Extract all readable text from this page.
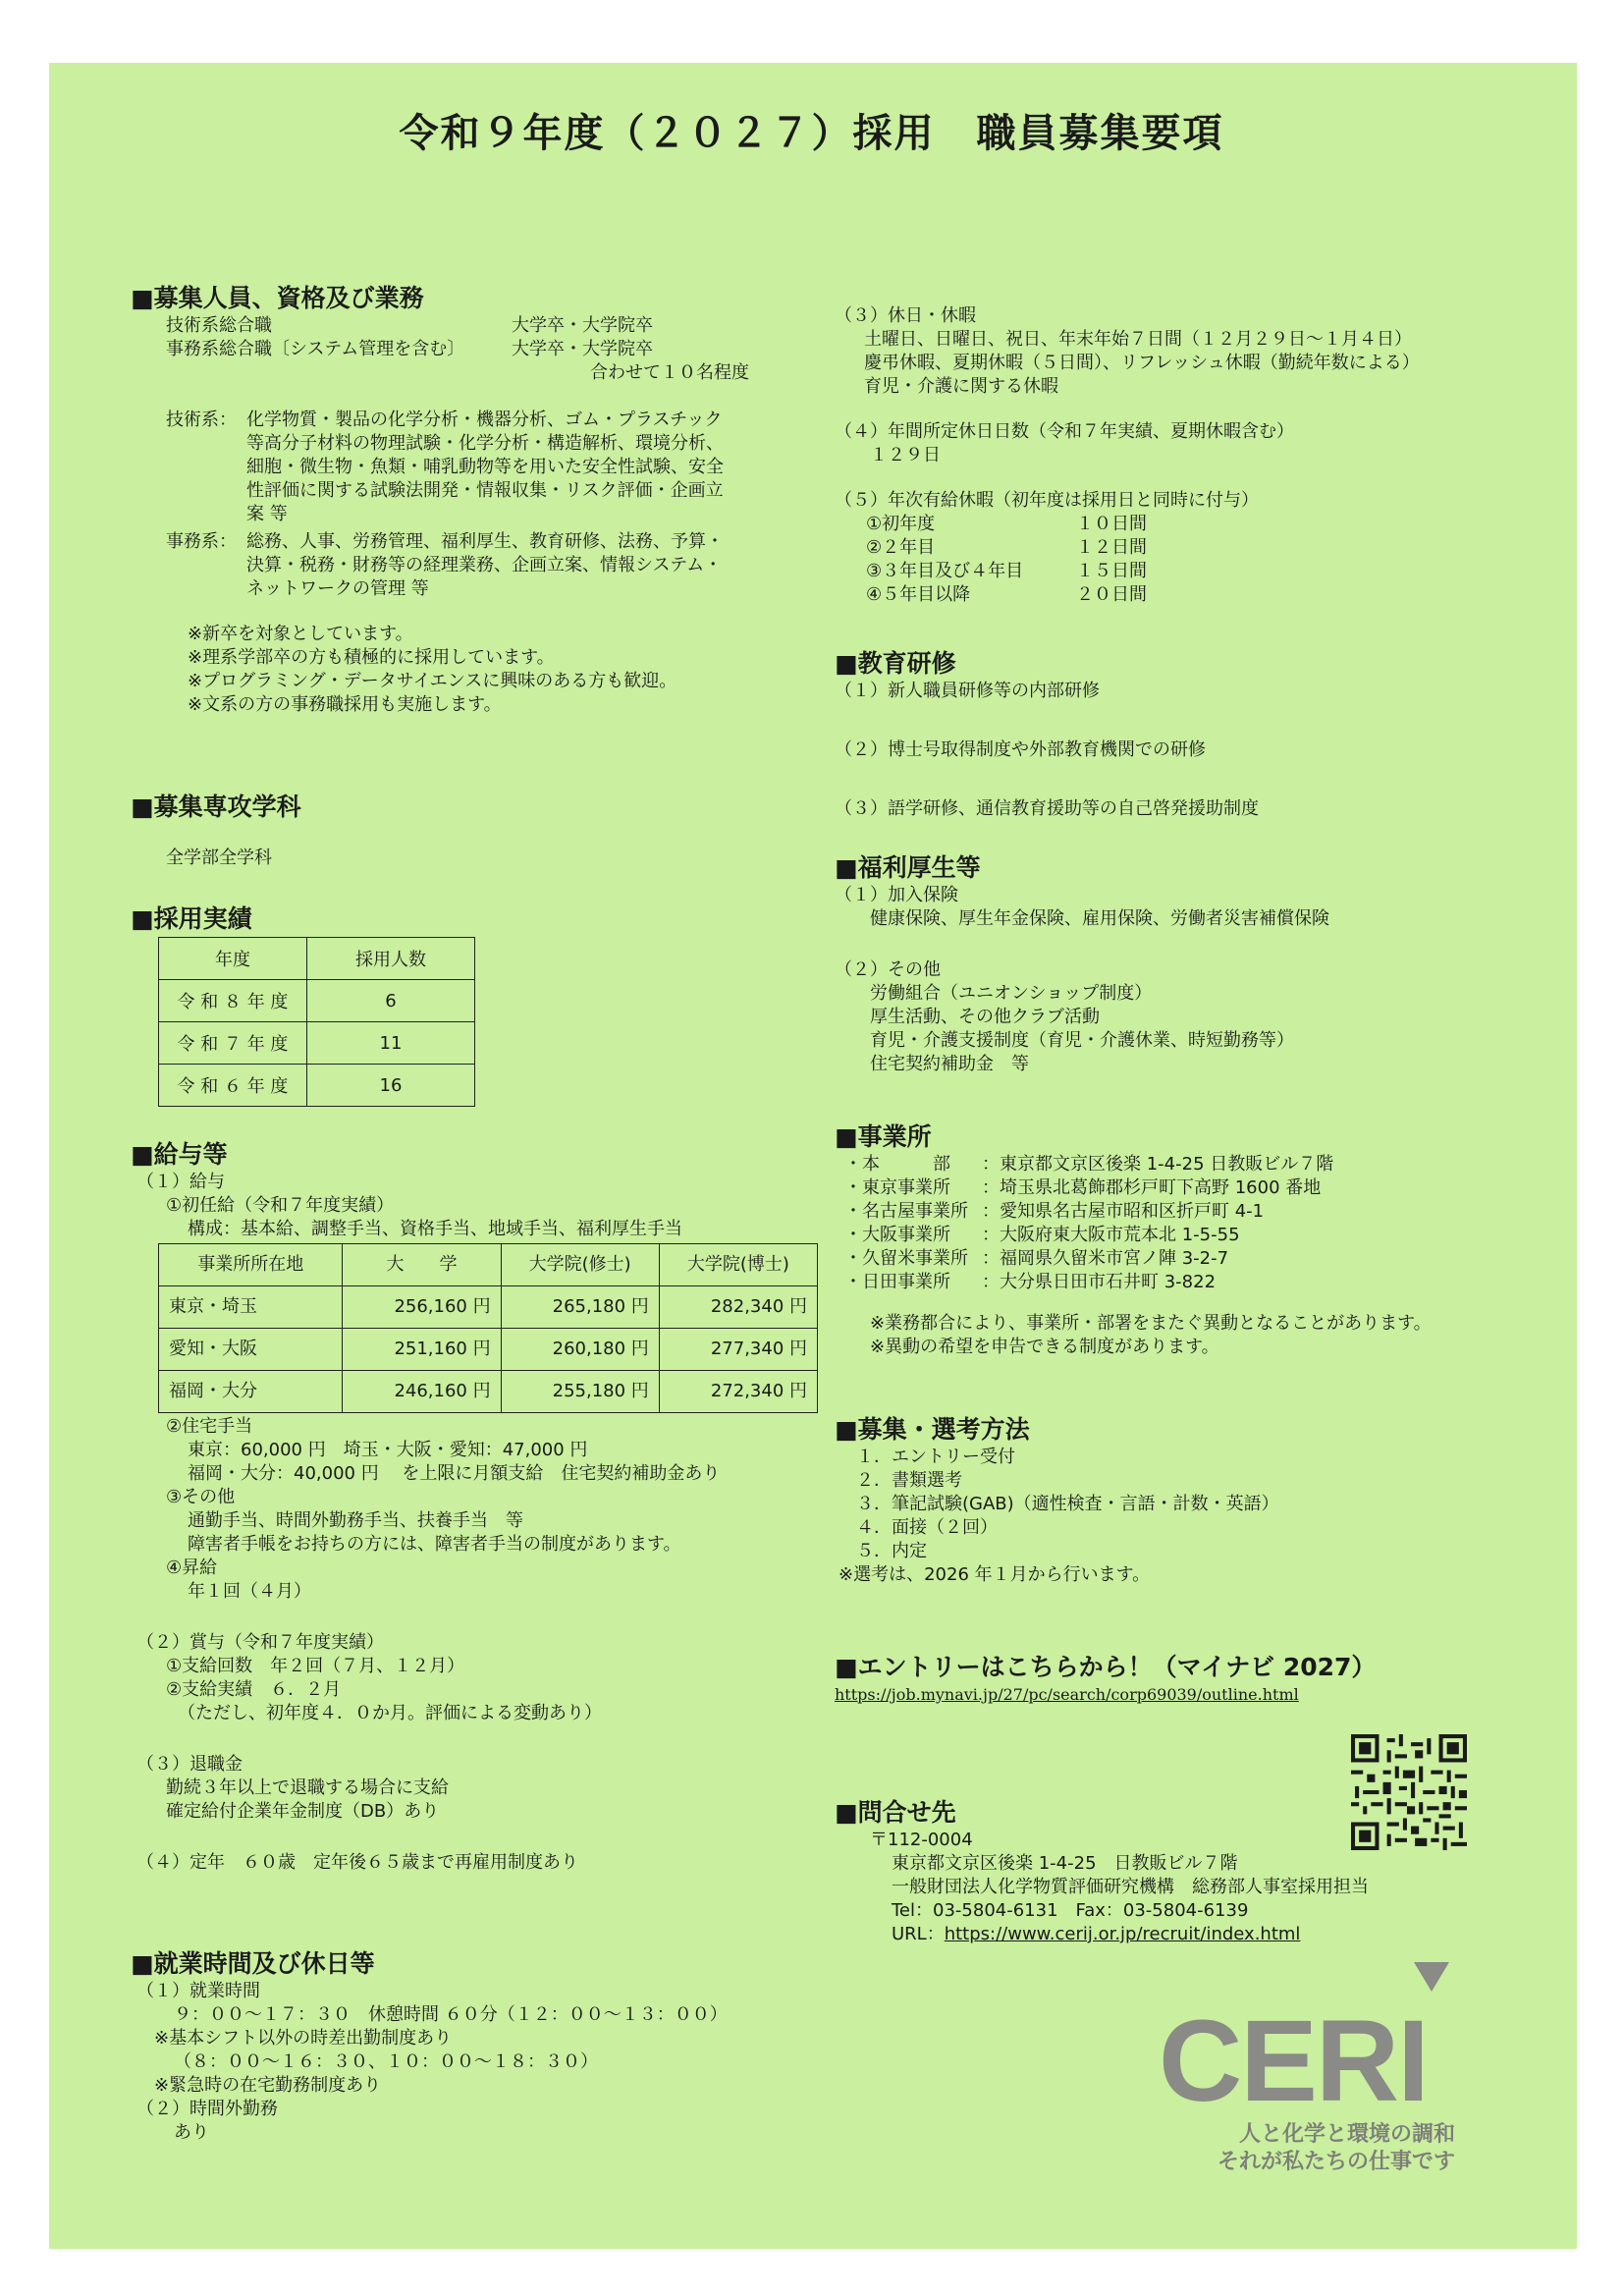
令和９年度（２０２７）採用　職員募集要項
■募集人員、資格及び業務
技術系総合職	大学卒・大学院卒
事務系総合職〔システム管理を含む〕	大学卒・大学院卒
合わせて１０名程度
技術系： 化学物質・製品の化学分析・機器分析、ゴム・プラスチック
等高分子材料の物理試験・化学分析・構造解析、環境分析、
細胞・微生物・魚類・哺乳動物等を用いた安全性試験、安全
性評価に関する試験法開発・情報収集・リスク評価・企画立
案 等
事務系： 総務、人事、労務管理、福利厚生、教育研修、法務、予算・
決算・税務・財務等の経理業務、企画立案、情報システム・
ネットワークの管理 等
※新卒を対象としています。
※理系学部卒の方も積極的に採用しています。
※プログラミング・データサイエンスに興味のある方も歓迎。
※文系の方の事務職採用も実施します。
■募集専攻学科
全学部全学科
■採用実績
年度	採用人数
令 和 ８ 年 度	6
令 和 ７ 年 度	11
令 和 ６ 年 度	16
■給与等
（１）給与
①初任給（令和７年度実績）
構成：基本給、調整手当、資格手当、地域手当、福利厚生手当
事業所所在地	大　　学	大学院(修士)	大学院(博士)
東京・埼玉	256,160 円	265,180 円	282,340 円
愛知・大阪	251,160 円	260,180 円	277,340 円
福岡・大分	246,160 円	255,180 円	272,340 円
②住宅手当
東京：60,000 円　埼玉・大阪・愛知：47,000 円
福岡・大分：40,000 円　 を上限に月額支給　住宅契約補助金あり
③その他
通勤手当、時間外勤務手当、扶養手当　等
障害者手帳をお持ちの方には、障害者手当の制度があります。
④昇給
年１回（４月）
（２）賞与（令和７年度実績）
①支給回数　年２回（７月、１２月）
②支給実績　６．２月
（ただし、初年度４．０か月。評価による変動あり）
（３）退職金
勤続３年以上で退職する場合に支給
確定給付企業年金制度（DB）あり
（４）定年　６０歳　定年後６５歳まで再雇用制度あり
■就業時間及び休日等
（１）就業時間
９：００～１７：３０　休憩時間 ６０分（１２：００～１３：００）
※基本シフト以外の時差出勤制度あり
（８：００～１６：３０、１０：００～１８：３０）
※緊急時の在宅勤務制度あり
（２）時間外勤務
あり
（３）休日・休暇
土曜日、日曜日、祝日、年末年始７日間（１２月２９日～１月４日）
慶弔休暇、夏期休暇（５日間）、リフレッシュ休暇（勤続年数による）
育児・介護に関する休暇
（４）年間所定休日日数（令和７年実績、夏期休暇含む）
１２９日
（５）年次有給休暇（初年度は採用日と同時に付与）
①初年度	１０日間
②２年目	１２日間
③３年目及び４年目	１５日間
④５年目以降	２０日間
■教育研修
（１）新人職員研修等の内部研修
（２）博士号取得制度や外部教育機関での研修
（３）語学研修、通信教育援助等の自己啓発援助制度
■福利厚生等
（１）加入保険
健康保険、厚生年金保険、雇用保険、労働者災害補償保険
（２）その他
労働組合（ユニオンショップ制度）
厚生活動、その他クラブ活動
育児・介護支援制度（育児・介護休業、時短勤務等）
住宅契約補助金　等
■事業所
・本　　　部 ：東京都文京区後楽 1-4-25 日教販ビル７階
・東京事業所 ：埼玉県北葛飾郡杉戸町下高野 1600 番地
・名古屋事業所 ：愛知県名古屋市昭和区折戸町 4-1
・大阪事業所 ：大阪府東大阪市荒本北 1-5-55
・久留米事業所 ：福岡県久留米市宮ノ陣 3-2-7
・日田事業所 ：大分県日田市石井町 3-822
※業務都合により、事業所・部署をまたぐ異動となることがあります。
※異動の希望を申告できる制度があります。
■募集・選考方法
１．エントリー受付
２．書類選考
３．筆記試験(GAB)（適性検査・言語・計数・英語）
４．面接（２回）
５．内定
※選考は、2026 年１月から行います。
■エントリーはこちらから！（マイナビ 2027）
https://job.mynavi.jp/27/pc/search/corp69039/outline.html
■問合せ先
〒112-0004
東京都文京区後楽 1-4-25　日教販ビル７階
一般財団法人化学物質評価研究機構　総務部人事室採用担当
Tel：03-5804-6131　Fax：03-5804-6139
URL：https://www.cerij.or.jp/recruit/index.html
CERI
人と化学と環境の調和
それが私たちの仕事です
